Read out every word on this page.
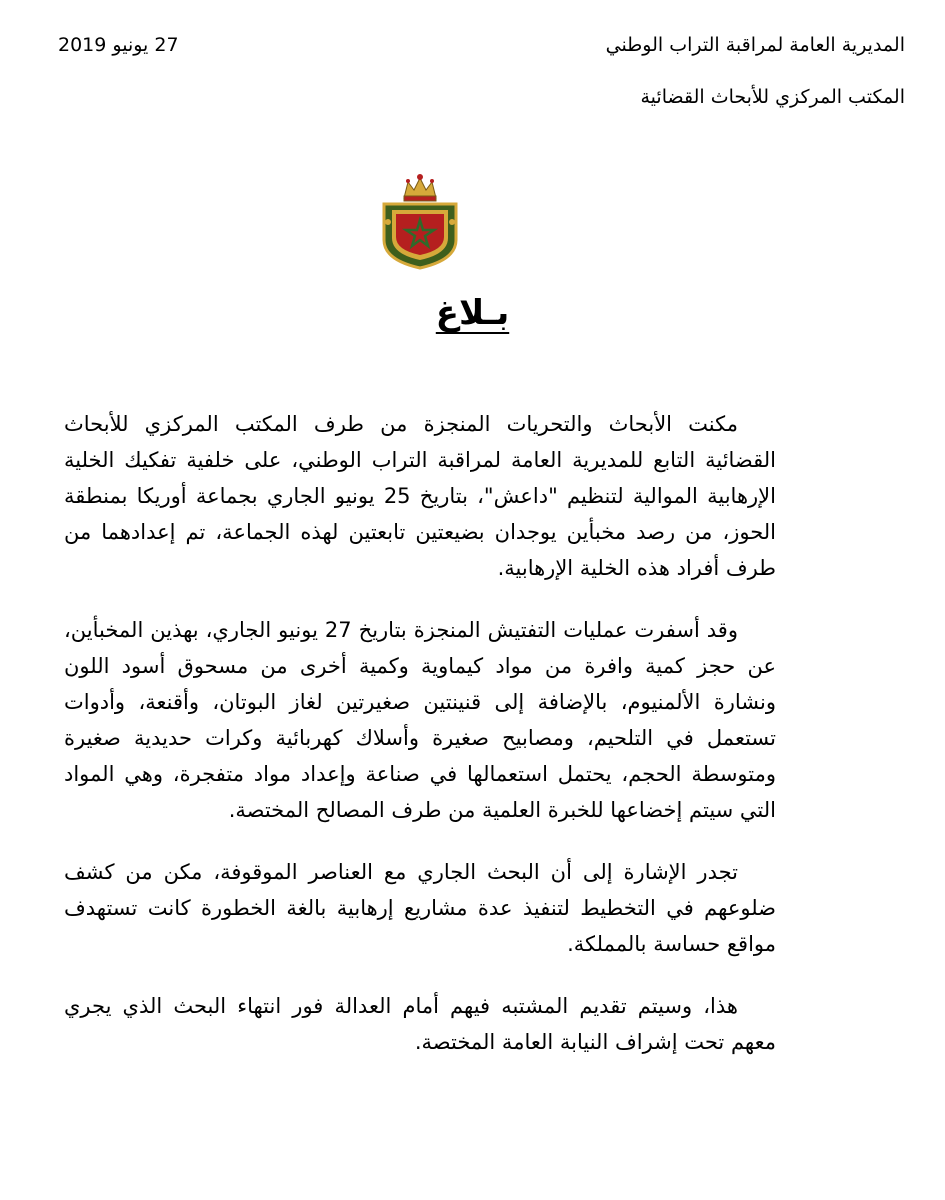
المديرية العامة لمراقبة التراب الوطني
المكتب المركزي للأبحاث القضائية
27 يونيو 2019
بـلاغ

مكنت الأبحاث والتحريات المنجزة من طرف المكتب المركزي للأبحاث القضائية التابع للمديرية العامة لمراقبة التراب الوطني، على خلفية تفكيك الخلية الإرهابية الموالية لتنظيم "داعش"، بتاريخ 25 يونيو الجاري بجماعة أوريكا بمنطقة الحوز، من رصد مخبأين يوجدان بضيعتين تابعتين لهذه الجماعة، تم إعدادهما من طرف أفراد هذه الخلية الإرهابية.

وقد أسفرت عمليات التفتيش المنجزة بتاريخ 27 يونيو الجاري، بهذين المخبأين، عن حجز كمية وافرة من مواد كيماوية وكمية أخرى من مسحوق أسود اللون ونشارة الألمنيوم، بالإضافة إلى قنينتين صغيرتين لغاز البوتان، وأقنعة، وأدوات تستعمل في التلحيم، ومصابيح صغيرة وأسلاك كهربائية وكرات حديدية صغيرة ومتوسطة الحجم، يحتمل استعمالها في صناعة وإعداد مواد متفجرة، وهي المواد التي سيتم إخضاعها للخبرة العلمية من طرف المصالح المختصة.

تجدر الإشارة إلى أن البحث الجاري مع العناصر الموقوفة، مكن من كشف ضلوعهم في التخطيط لتنفيذ عدة مشاريع إرهابية بالغة الخطورة كانت تستهدف مواقع حساسة بالمملكة.

هذا، وسيتم تقديم المشتبه فيهم أمام العدالة فور انتهاء البحث الذي يجري معهم تحت إشراف النيابة العامة المختصة.
